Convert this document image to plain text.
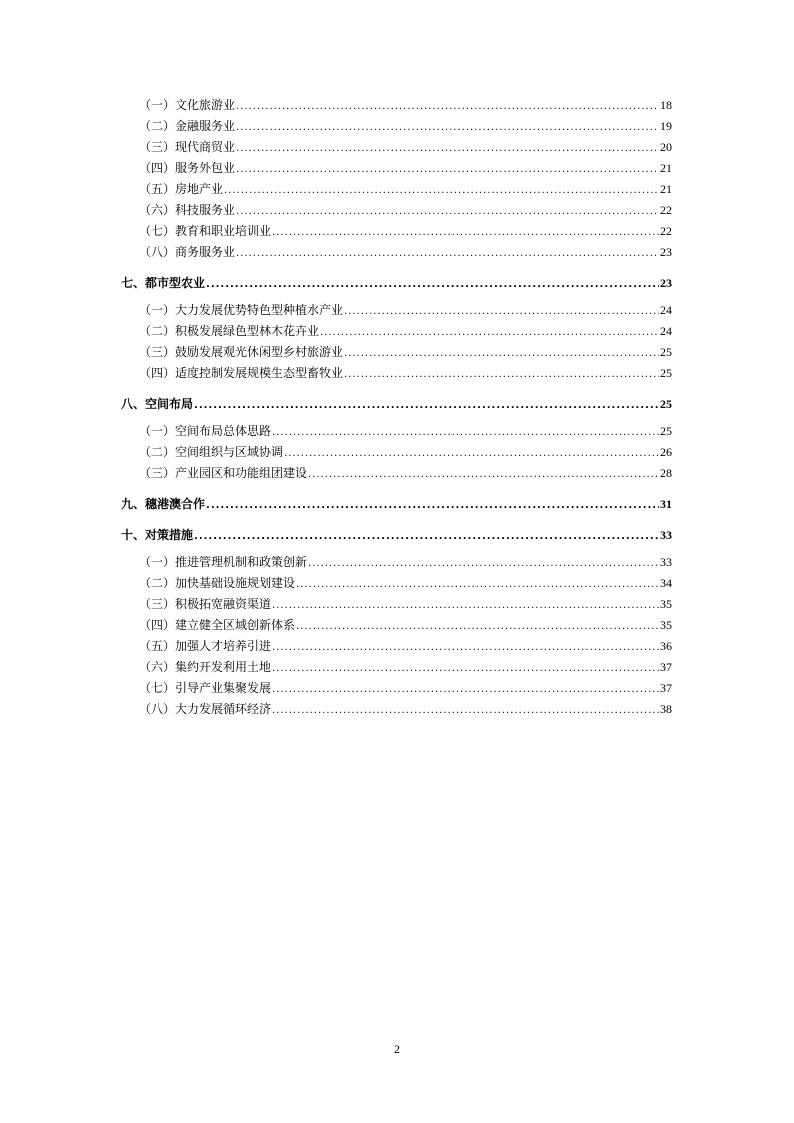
（一）文化旅游业 .....	18
（二）金融服务业 .....	19
（三）现代商贸业 .....	20
（四）服务外包业 .....	21
（五）房地产业 .....	21
（六）科技服务业 .....	22
（七）教育和职业培训业 .....	22
（八）商务服务业 .....	23
七、都市型农业 .....	23
（一）大力发展优势特色型种植水产业 .....	24
（二）积极发展绿色型林木花卉业 .....	24
（三）鼓励发展观光休闲型乡村旅游业 .....	25
（四）适度控制发展规模生态型畜牧业 .....	25
八、空间布局 .....	25
（一）空间布局总体思路 .....	25
（二）空间组织与区域协调 .....	26
（三）产业园区和功能组团建设 .....	28
九、穗港澳合作 .....	31
十、对策措施 .....	33
（一）推进管理机制和政策创新 .....	33
（二）加快基础设施规划建设 .....	34
（三）积极拓宽融资渠道 .....	35
（四）建立健全区域创新体系 .....	35
（五）加强人才培养引进 .....	36
（六）集约开发利用土地 .....	37
（七）引导产业集聚发展 .....	37
（八）大力发展循环经济 .....	38
2
